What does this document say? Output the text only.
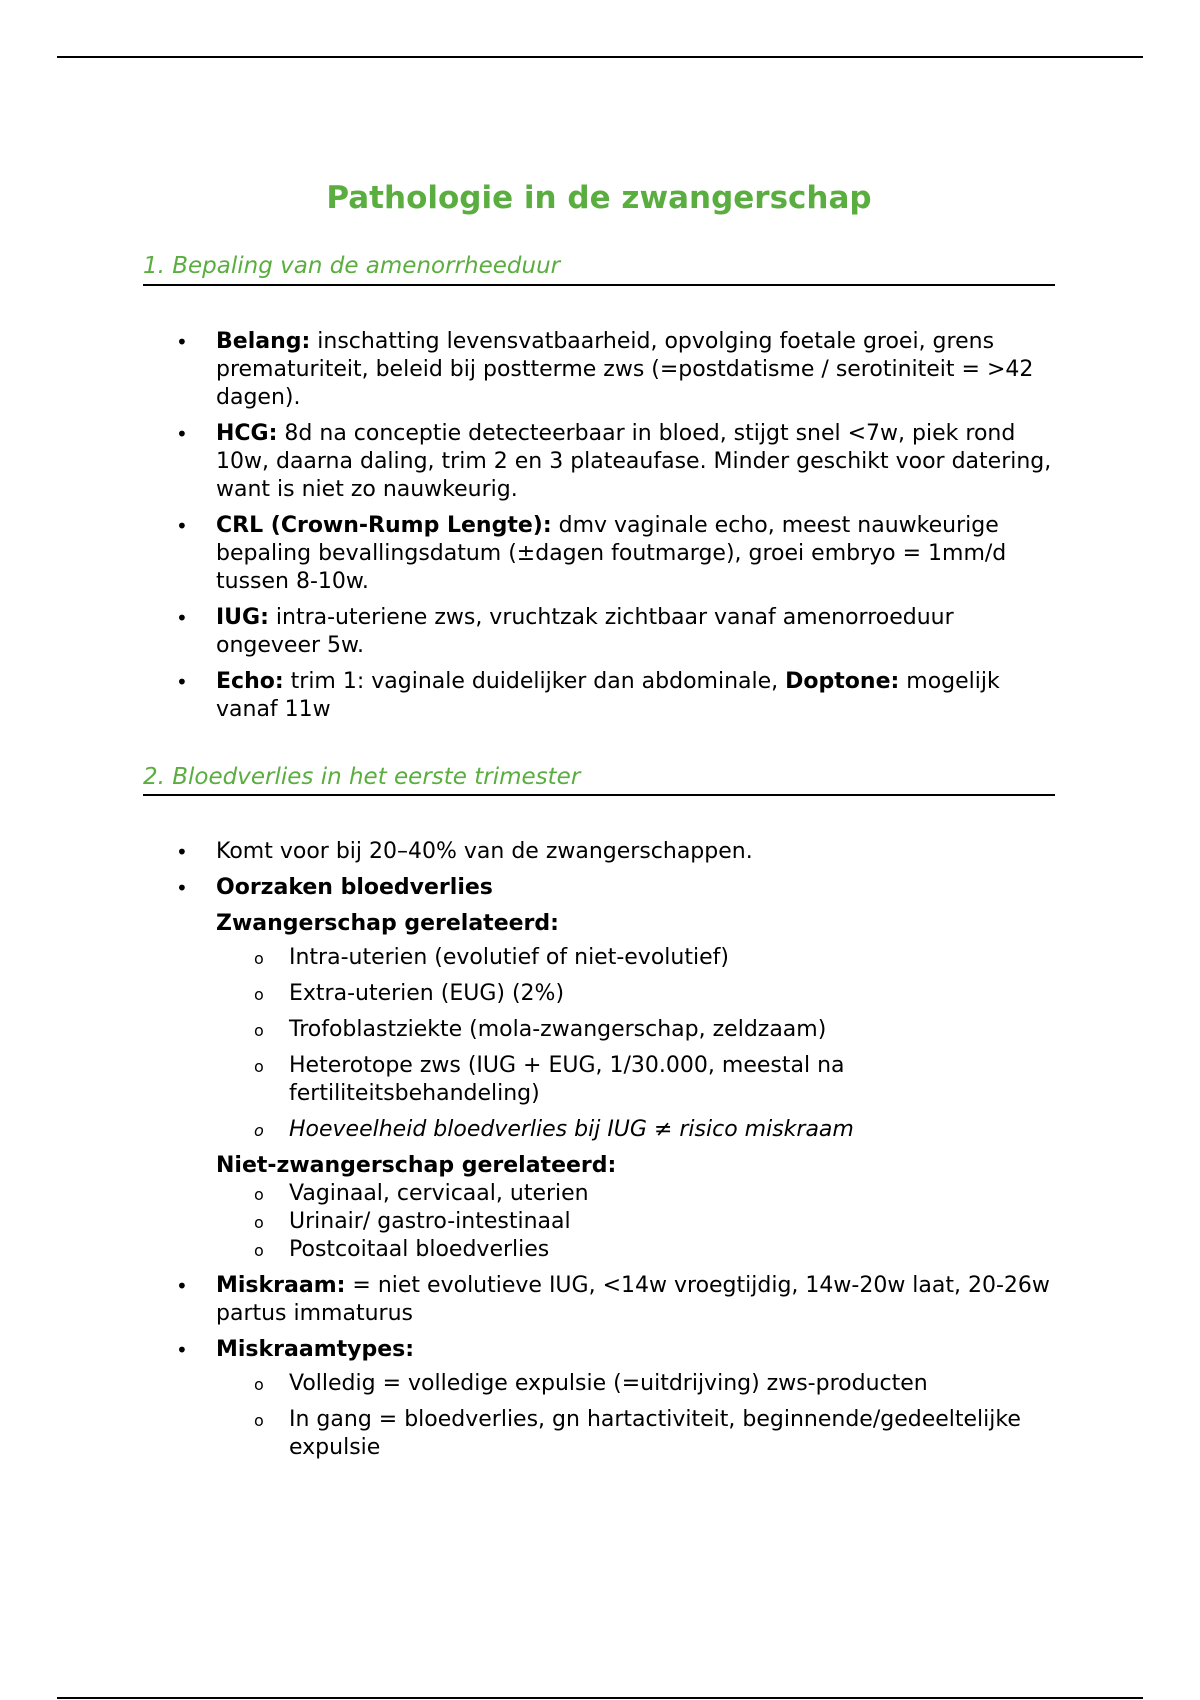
Pathologie in de zwangerschap
1. Bepaling van de amenorrheeduur
• Belang: inschatting levensvatbaarheid, opvolging foetale groei, grens prematuriteit, beleid bij postterme zws (=postdatisme / serotiniteit = >42 dagen).
• HCG: 8d na conceptie detecteerbaar in bloed, stijgt snel <7w, piek rond 10w, daarna daling, trim 2 en 3 plateaufase. Minder geschikt voor datering, want is niet zo nauwkeurig.
• CRL (Crown-Rump Lengte): dmv vaginale echo, meest nauwkeurige bepaling bevallingsdatum (±dagen foutmarge), groei embryo = 1mm/d tussen 8-10w.
• IUG: intra-uteriene zws, vruchtzak zichtbaar vanaf amenorroeduur ongeveer 5w.
• Echo: trim 1: vaginale duidelijker dan abdominale, Doptone: mogelijk vanaf 11w
2. Bloedverlies in het eerste trimester
• Komt voor bij 20–40% van de zwangerschappen.
• Oorzaken bloedverlies
Zwangerschap gerelateerd:
o Intra-uterien (evolutief of niet-evolutief)
o Extra-uterien (EUG) (2%)
o Trofoblastziekte (mola-zwangerschap, zeldzaam)
o Heterotope zws (IUG + EUG, 1/30.000, meestal na fertiliteitsbehandeling)
o Hoeveelheid bloedverlies bij IUG ≠ risico miskraam
Niet-zwangerschap gerelateerd:
o Vaginaal, cervicaal, uterien
o Urinair/ gastro-intestinaal
o Postcoitaal bloedverlies
• Miskraam: = niet evolutieve IUG, <14w vroegtijdig, 14w-20w laat, 20-26w partus immaturus
• Miskraamtypes:
o Volledig = volledige expulsie (=uitdrijving) zws-producten
o In gang = bloedverlies, gn hartactiviteit, beginnende/gedeeltelijke expulsie
